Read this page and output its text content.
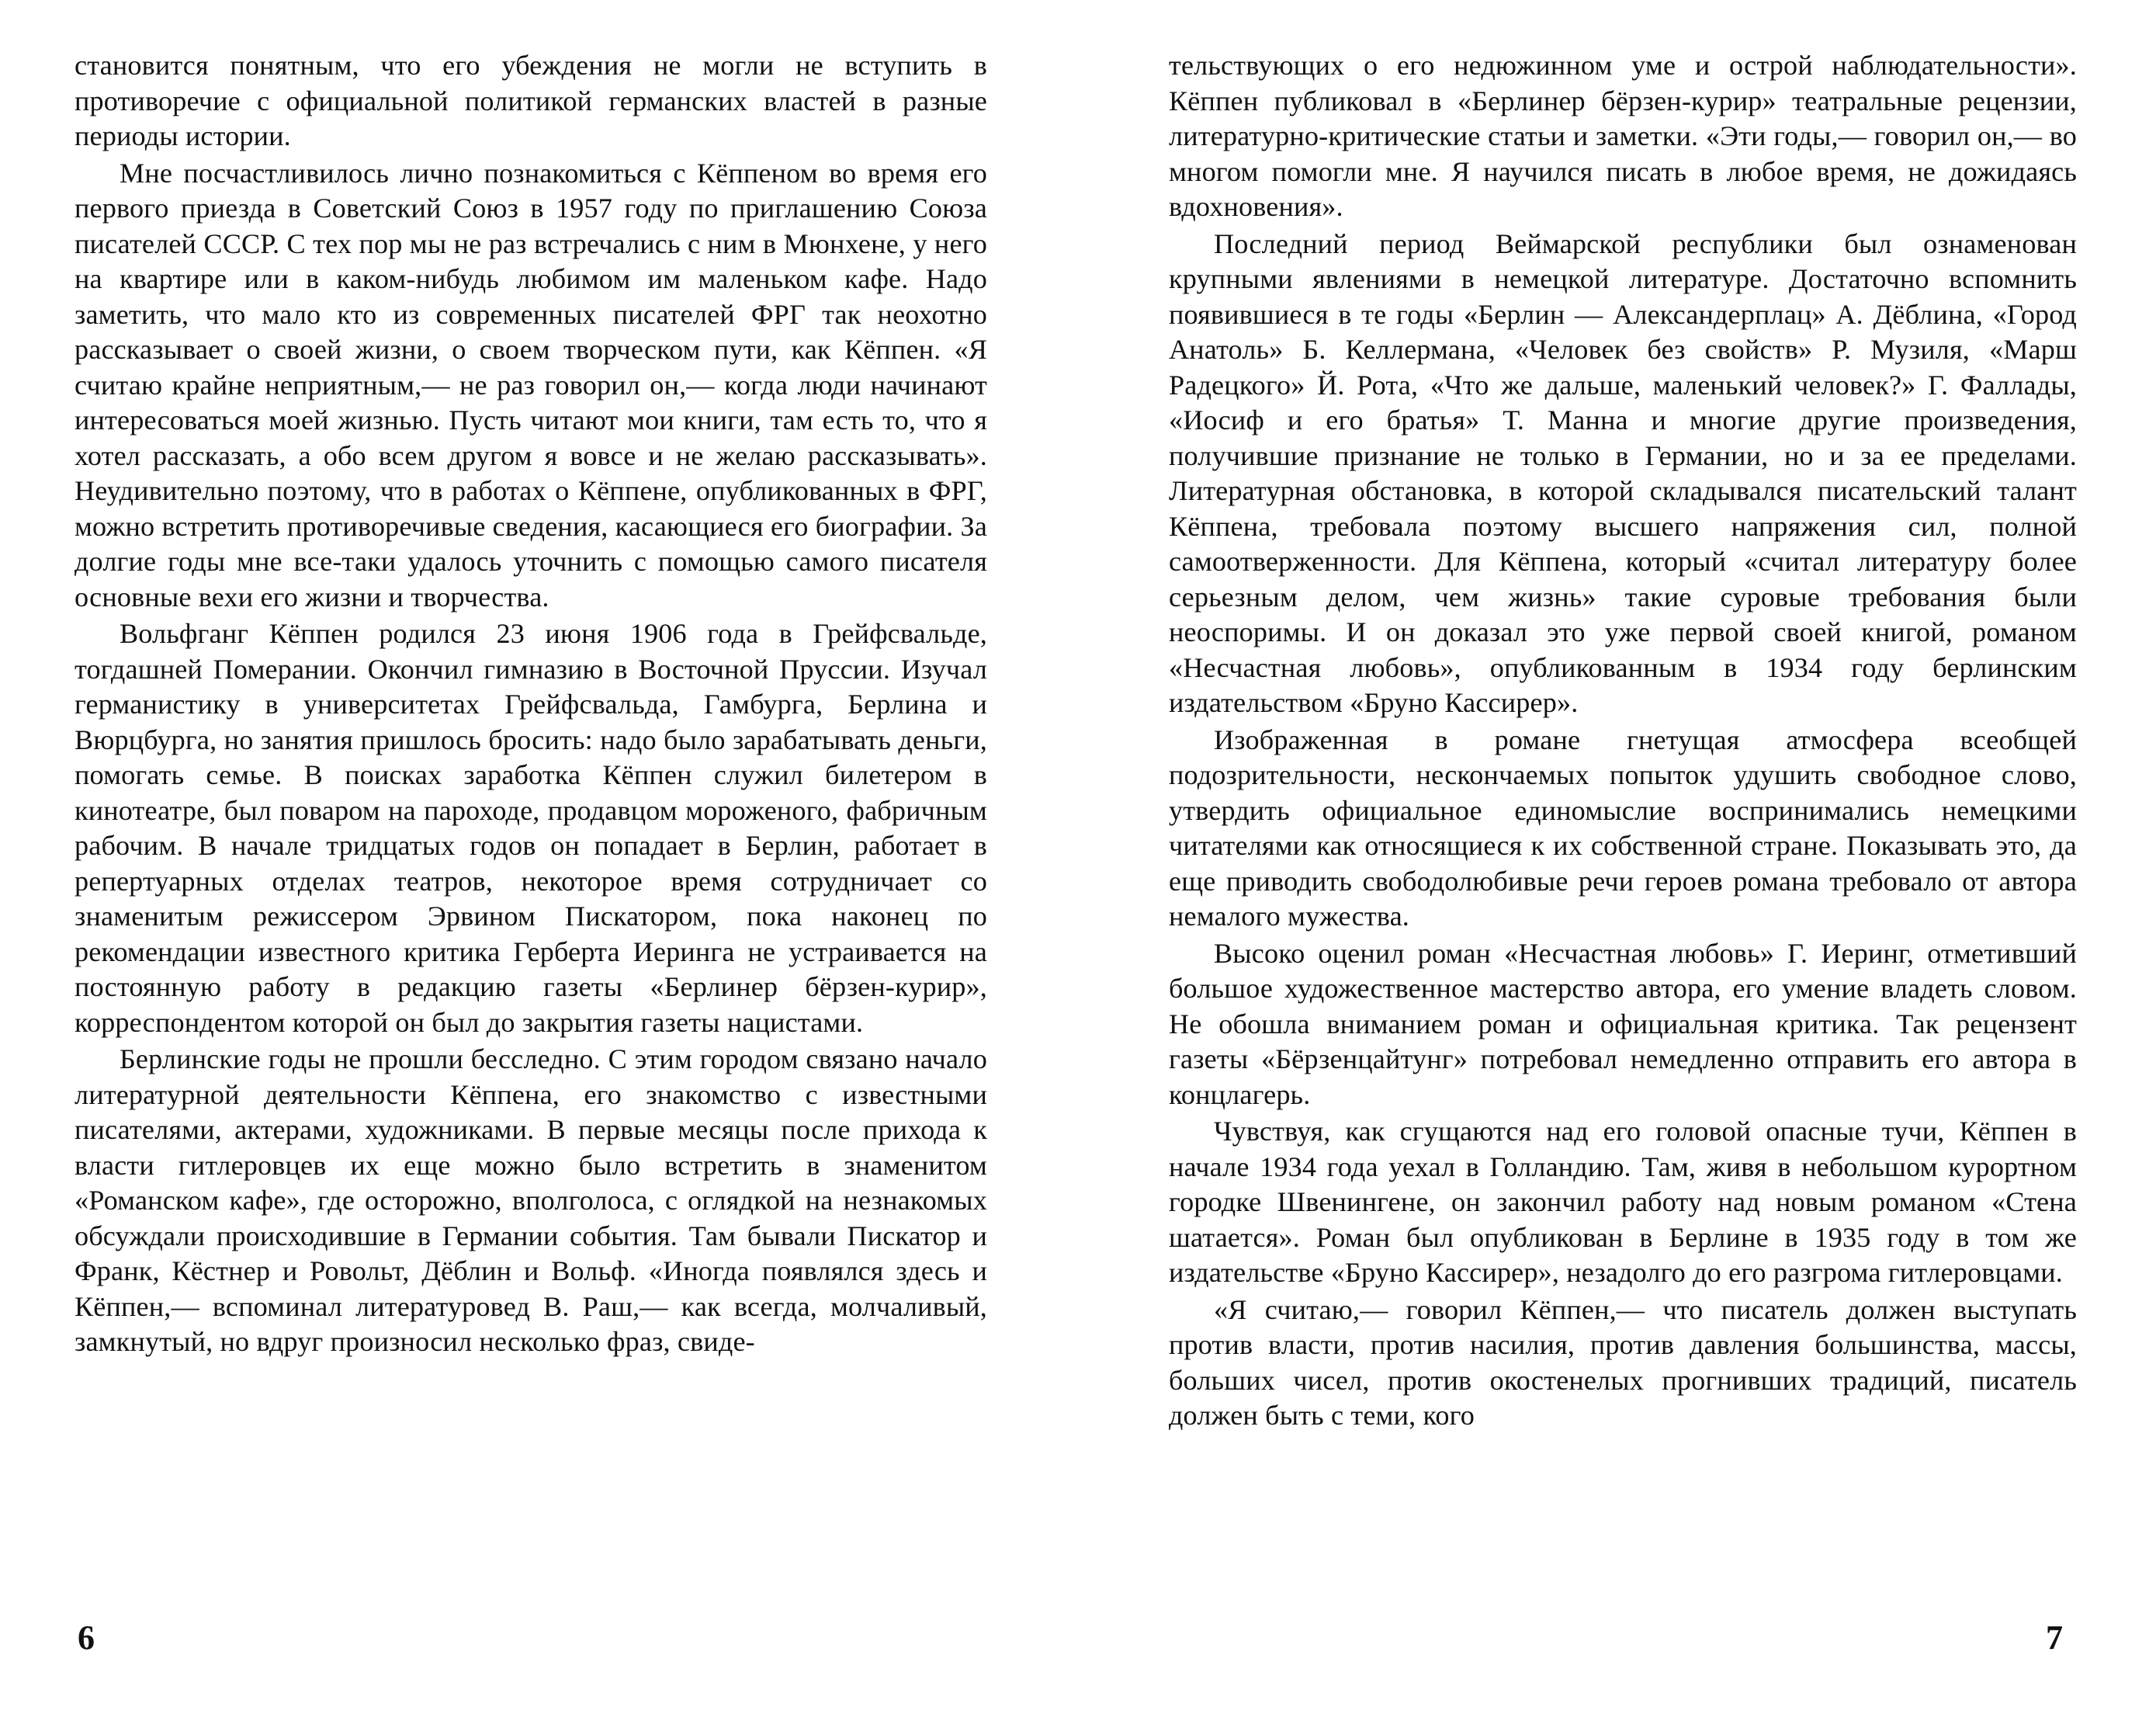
становится понятным, что его убеждения не могли не вступить в противоречие с официальной политикой германских властей в разные периоды истории.

Мне посчастливилось лично познакомиться с Кёппеном во время его первого приезда в Советский Союз в 1957 году по приглашению Союза писателей СССР. С тех пор мы не раз встречались с ним в Мюнхене, у него на квартире или в каком-нибудь любимом им маленьком кафе. Надо заметить, что мало кто из современных писателей ФРГ так неохотно рассказывает о своей жизни, о своем творческом пути, как Кёппен. «Я считаю крайне неприятным,— не раз говорил он,— когда люди начинают интересоваться моей жизнью. Пусть читают мои книги, там есть то, что я хотел рассказать, а обо всем другом я вовсе и не желаю рассказывать». Неудивительно поэтому, что в работах о Кёппене, опубликованных в ФРГ, можно встретить противоречивые сведения, касающиеся его биографии. За долгие годы мне все-таки удалось уточнить с помощью самого писателя основные вехи его жизни и творчества.

Вольфганг Кёппен родился 23 июня 1906 года в Грейфсвальде, тогдашней Померании. Окончил гимназию в Восточной Пруссии. Изучал германистику в университетах Грейфсвальда, Гамбурга, Берлина и Вюрцбурга, но занятия пришлось бросить: надо было зарабатывать деньги, помогать семье. В поисках заработка Кёппен служил билетером в кинотеатре, был поваром на пароходе, продавцом мороженого, фабричным рабочим. В начале тридцатых годов он попадает в Берлин, работает в репертуарных отделах театров, некоторое время сотрудничает со знаменитым режиссером Эрвином Пискатором, пока наконец по рекомендации известного критика Герберта Иеринга не устраивается на постоянную работу в редакцию газеты «Берлинер бёрзен-курир», корреспондентом которой он был до закрытия газеты нацистами.

Берлинские годы не прошли бесследно. С этим городом связано начало литературной деятельности Кёппена, его знакомство с известными писателями, актерами, художниками. В первые месяцы после прихода к власти гитлеровцев их еще можно было встретить в знаменитом «Романском кафе», где осторожно, вполголоса, с оглядкой на незнакомых обсуждали происходившие в Германии события. Там бывали Пискатор и Франк, Кёстнер и Ровольт, Дёблин и Вольф. «Иногда появлялся здесь и Кёппен,— вспоминал литературовед В. Раш,— как всегда, молчаливый, замкнутый, но вдруг произносил несколько фраз, свиде-

тельствующих о его недюжинном уме и острой наблюдательности». Кёппен публиковал в «Берлинер бёрзен-курир» театральные рецензии, литературно-критические статьи и заметки. «Эти годы,— говорил он,— во многом помогли мне. Я научился писать в любое время, не дожидаясь вдохновения».

Последний период Веймарской республики был ознаменован крупными явлениями в немецкой литературе. Достаточно вспомнить появившиеся в те годы «Берлин — Александерплац» А. Дёблина, «Город Анатоль» Б. Келлермана, «Человек без свойств» Р. Музиля, «Марш Радецкого» Й. Рота, «Что же дальше, маленький человек?» Г. Фаллады, «Иосиф и его братья» Т. Манна и многие другие произведения, получившие признание не только в Германии, но и за ее пределами. Литературная обстановка, в которой складывался писательский талант Кёппена, требовала поэтому высшего напряжения сил, полной самоотверженности. Для Кёппена, который «считал литературу более серьезным делом, чем жизнь» такие суровые требования были неоспоримы. И он доказал это уже первой своей книгой, романом «Несчастная любовь», опубликованным в 1934 году берлинским издательством «Бруно Кассирер».

Изображенная в романе гнетущая атмосфера всеобщей подозрительности, нескончаемых попыток удушить свободное слово, утвердить официальное единомыслие воспринимались немецкими читателями как относящиеся к их собственной стране. Показывать это, да еще приводить свободолюбивые речи героев романа требовало от автора немалого мужества.

Высоко оценил роман «Несчастная любовь» Г. Иеринг, отметивший большое художественное мастерство автора, его умение владеть словом. Не обошла вниманием роман и официальная критика. Так рецензент газеты «Бёрзенцайтунг» потребовал немедленно отправить его автора в концлагерь.

Чувствуя, как сгущаются над его головой опасные тучи, Кёппен в начале 1934 года уехал в Голландию. Там, живя в небольшом курортном городке Швенингене, он закончил работу над новым романом «Стена шатается». Роман был опубликован в Берлине в 1935 году в том же издательстве «Бруно Кассирер», незадолго до его разгрома гитлеровцами.

«Я считаю,— говорил Кёппен,— что писатель должен выступать против власти, против насилия, против давления большинства, массы, больших чисел, против окостенелых прогнивших традиций, писатель должен быть с теми, кого

6	7
